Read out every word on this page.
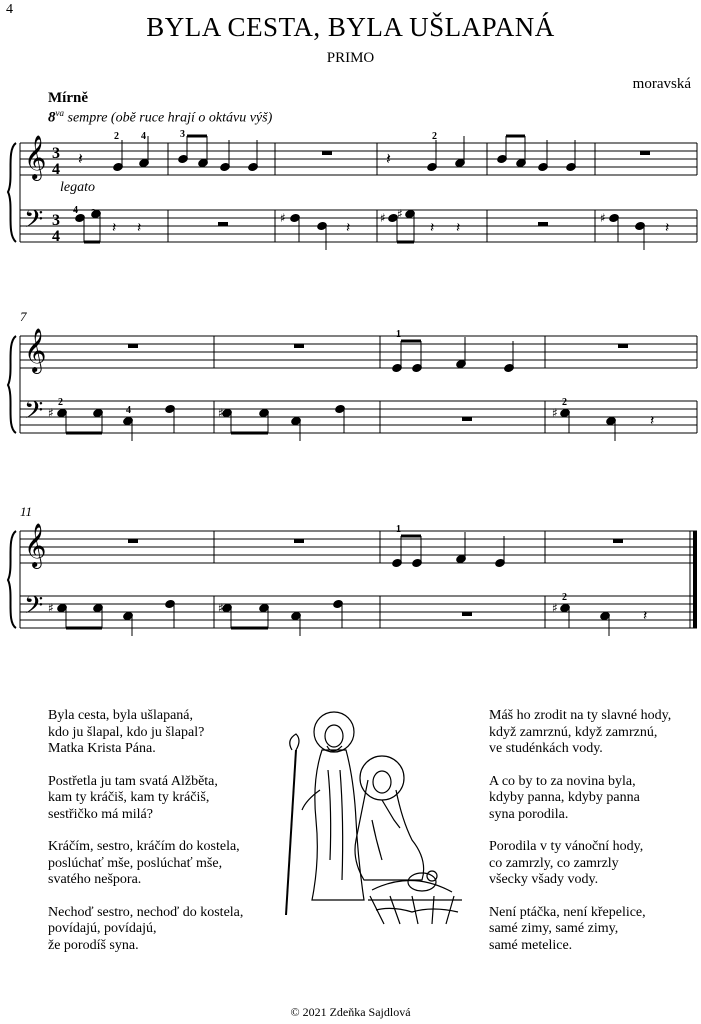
4
BYLA CESTA, BYLA UŠLAPANÁ
PRIMO
moravská
Mírně
$8^{va}$ sempre (obě ruce hrají o oktávu výš)
legato
𝄞
𝄢
3
4
3
4
𝄽	𝄽
𝄽 𝄽	𝄽	𝄽 𝄽	𝄽
♯	♯ ♯	♯
2 4	3	2
4 2
7
𝄞
𝄢	𝄽
♯	♯	♯
2
4
1
2
11
𝄞
𝄢	𝄽
♯	♯	♯
1
2

Byla cesta, byla ušlapaná,
kdo ju šlapal, kdo ju šlapal?
Matka Krista Pána.

Postřetla ju tam svatá Alžběta,
kam ty kráčiš, kam ty kráčiš,
sestřičko má milá?

Kráčím, sestro, kráčím do kostela,
poslúchať mše, poslúchať mše,
svatého nešpora.

Nechoď sestro, nechoď do kostela,
povídajú, povídajú,
že porodíš syna.

Máš ho zrodit na ty slavné hody,
když zamrznú, když zamrznú,
ve studénkách vody.

A co by to za novina byla,
kdyby panna, kdyby panna
syna porodila.

Porodila v ty vánoční hody,
co zamrzly, co zamrzly
všecky všady vody.

Není ptáčka, není křepelice,
samé zimy, samé zimy,
samé metelice.

© 2021 Zdeňka Sajdlová
